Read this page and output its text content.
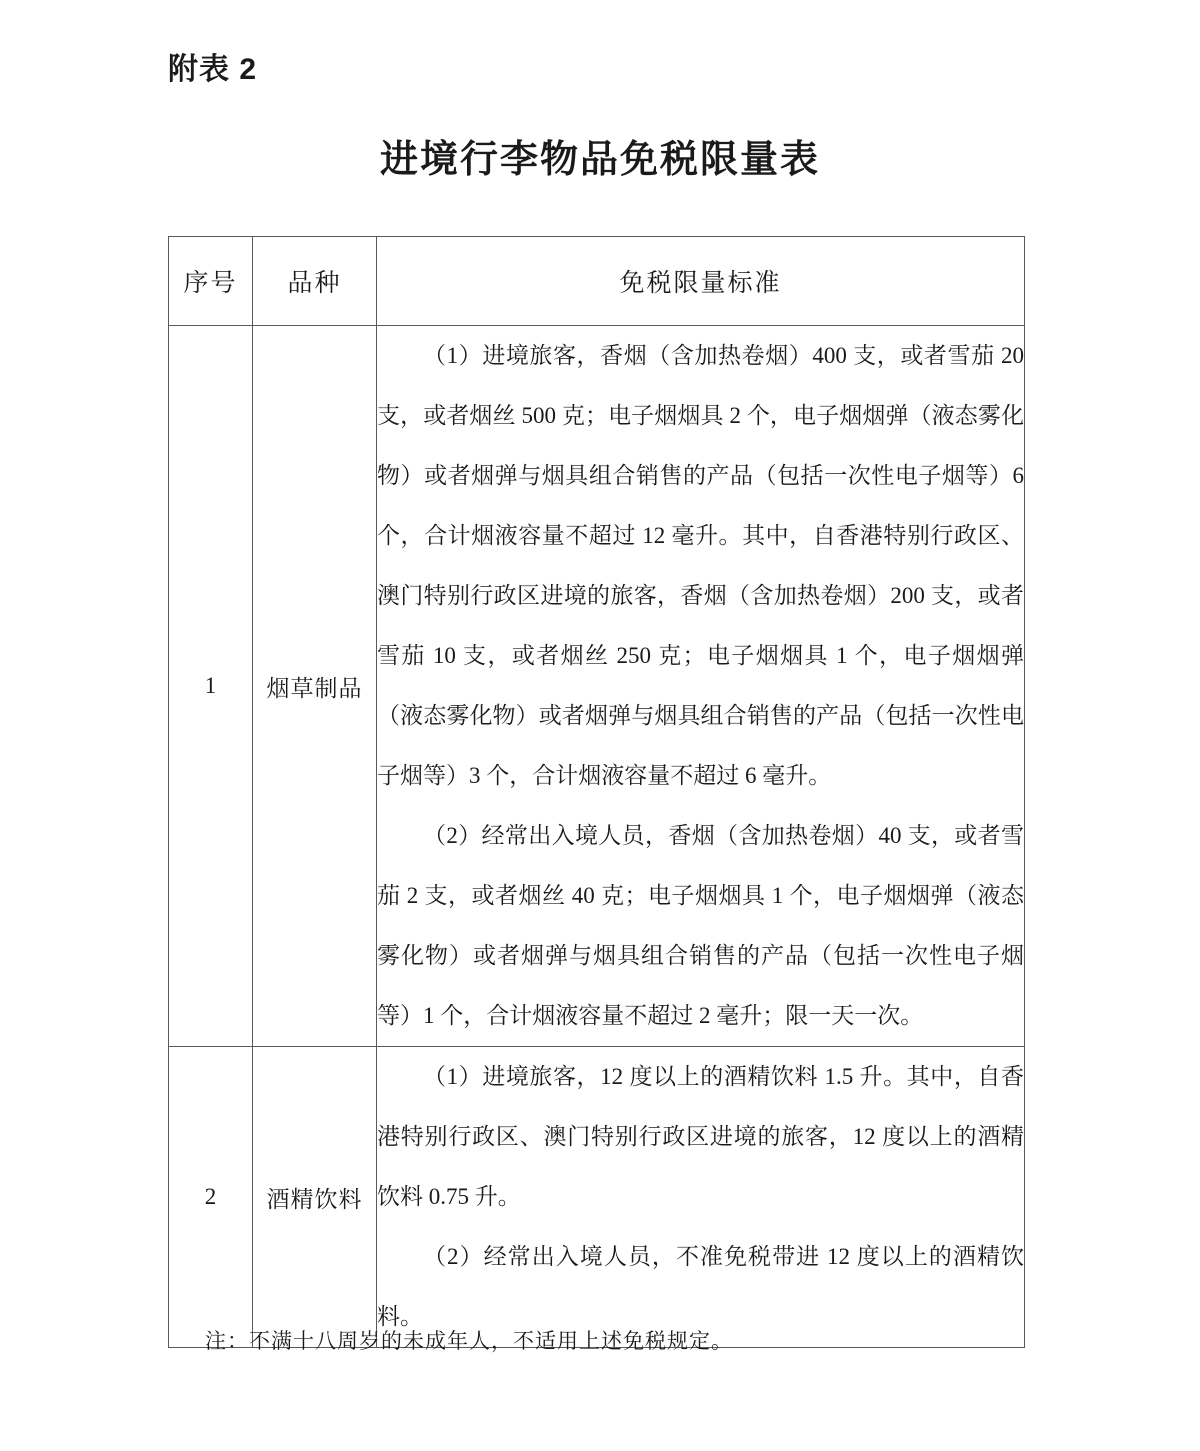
附表 2
进境行李物品免税限量表
序号	品种	免税限量标准
1	烟草制品	（1）进境旅客，香烟（含加热卷烟）400 支，或者雪茄 20 支，或者烟丝 500 克；电子烟烟具 2 个，电子烟烟弹（液态雾化物）或者烟弹与烟具组合销售的产品（包括一次性电子烟等）6 个，合计烟液容量不超过 12 毫升。其中，自香港特别行政区、澳门特别行政区进境的旅客，香烟（含加热卷烟）200 支，或者雪茄 10 支，或者烟丝 250 克；电子烟烟具 1 个，电子烟烟弹（液态雾化物）或者烟弹与烟具组合销售的产品（包括一次性电子烟等）3 个，合计烟液容量不超过 6 毫升。

（2）经常出入境人员，香烟（含加热卷烟）40 支，或者雪茄 2 支，或者烟丝 40 克；电子烟烟具 1 个，电子烟烟弹（液态雾化物）或者烟弹与烟具组合销售的产品（包括一次性电子烟等）1 个，合计烟液容量不超过 2 毫升；限一天一次。

2	酒精饮料	（1）进境旅客，12 度以上的酒精饮料 1.5 升。其中，自香港特别行政区、澳门特别行政区进境的旅客，12 度以上的酒精饮料 0.75 升。

（2）经常出入境人员，不准免税带进 12 度以上的酒精饮料。

注：不满十八周岁的未成年人，不适用上述免税规定。
